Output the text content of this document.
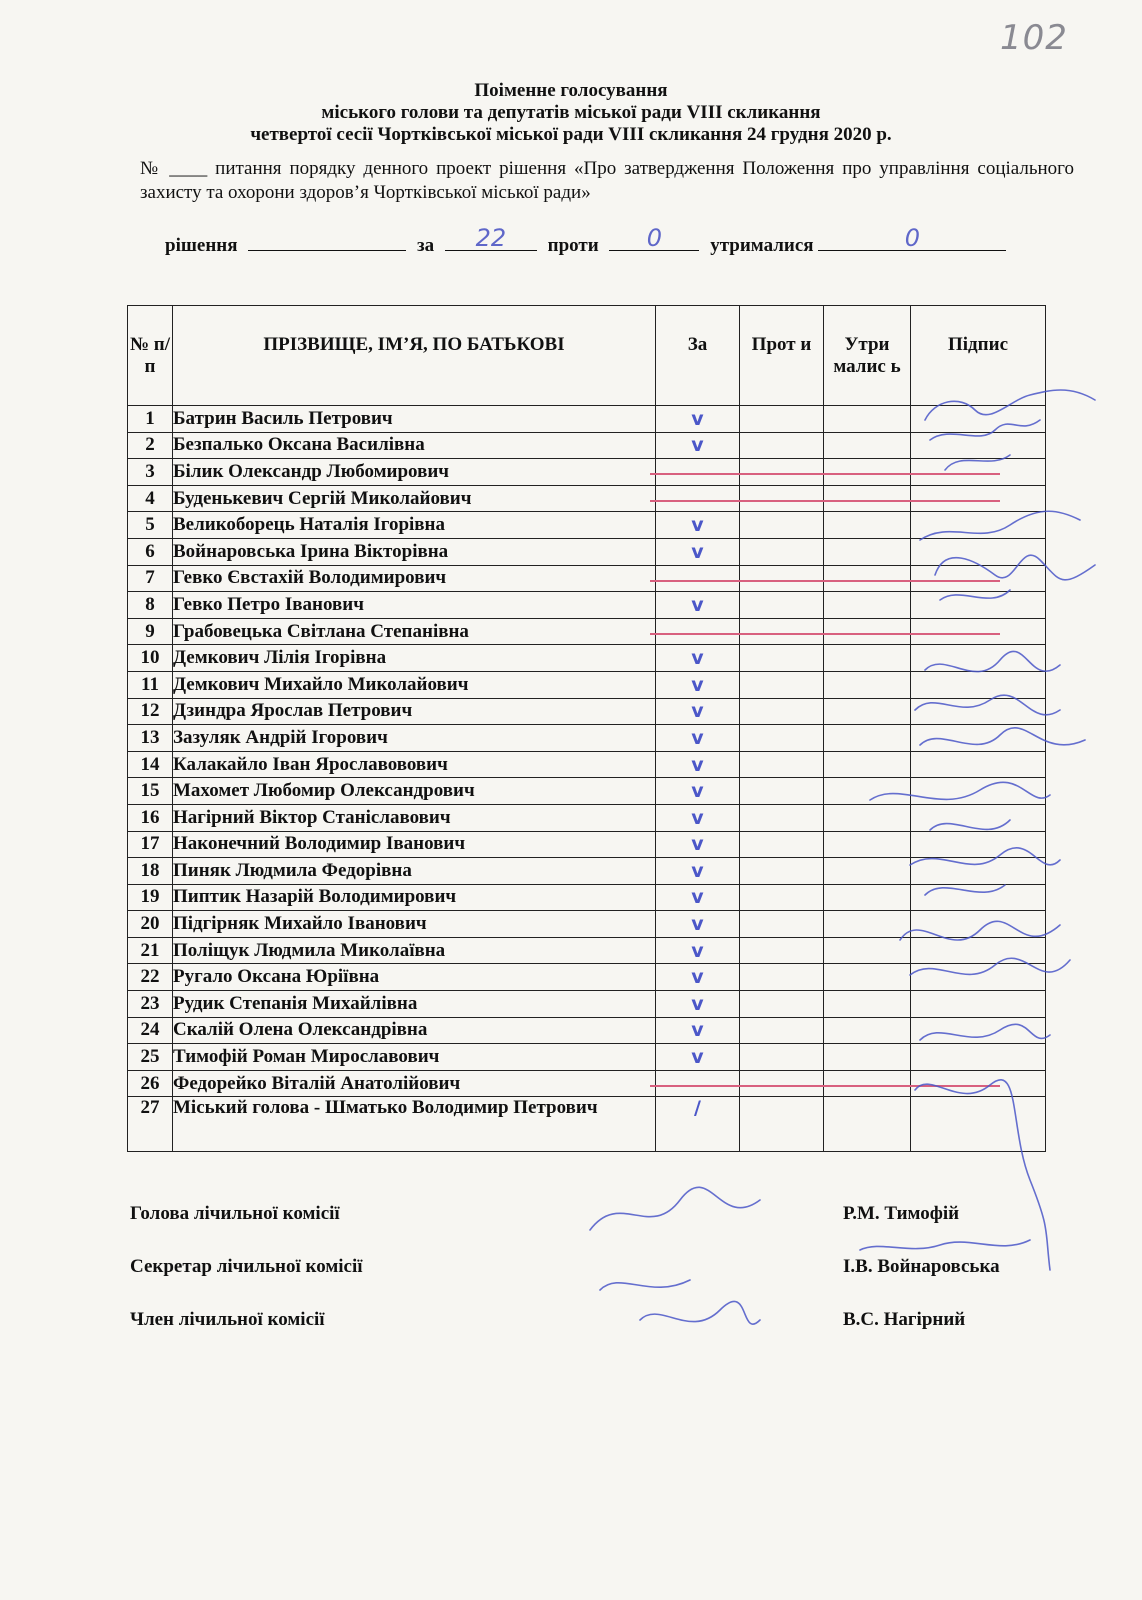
102
Поіменне голосування
міського голови та депутатів міської ради VIII скликання
четвертої сесії Чортківської міської ради VIII скликання 24 грудня 2020 р.
№ ____ питання порядку денного проект рішення «Про затвердження Положення про управління соціального захисту та охорони здоров’я Чортківської міської ради»
рішення	за	22	проти	0	утрималися	0
№ п/п	ПРІЗВИЩЕ, ІМ’Я, ПО БАТЬКОВІ	За	Прот и	Утри малис ь	Підпис
1	Батрин Василь Петрович	v			
2	Безпалько Оксана Василівна	v			
3	Білик Олександр Любомирович				
4	Буденькевич Сергій Миколайович				
5	Великоборець Наталія Ігорівна	v			
6	Войнаровська Ірина Вікторівна	v			
7	Гевко Євстахій Володимирович				
8	Гевко Петро Іванович	v			
9	Грабовецька Світлана Степанівна				
10	Демкович Лілія Ігорівна	v			
11	Демкович Михайло Миколайович	v			
12	Дзиндра Ярослав Петрович	v			
13	Зазуляк Андрій Ігорович	v			
14	Калакайло Іван Ярославовович	v			
15	Махомет Любомир Олександрович	v			
16	Нагірний Віктор Станіславович	v			
17	Наконечний Володимир Іванович	v			
18	Пиняк Людмила Федорівна	v			
19	Пиптик Назарій Володимирович	v			
20	Підгірняк Михайло Іванович	v			
21	Поліщук Людмила Миколаївна	v			
22	Ругало Оксана Юріївна	v			
23	Рудик Степанія Михайлівна	v			
24	Скалій Олена Олександрівна	v			
25	Тимофій Роман Мирославович	v			
26	Федорейко Віталій Анатолійович				
27	Міський голова - Шматько Володимир Петрович	/			
Голова лічильної комісії	Р.М. Тимофій
Секретар лічильної комісії	І.В. Войнаровська
Член лічильної комісії	В.С. Нагірний
